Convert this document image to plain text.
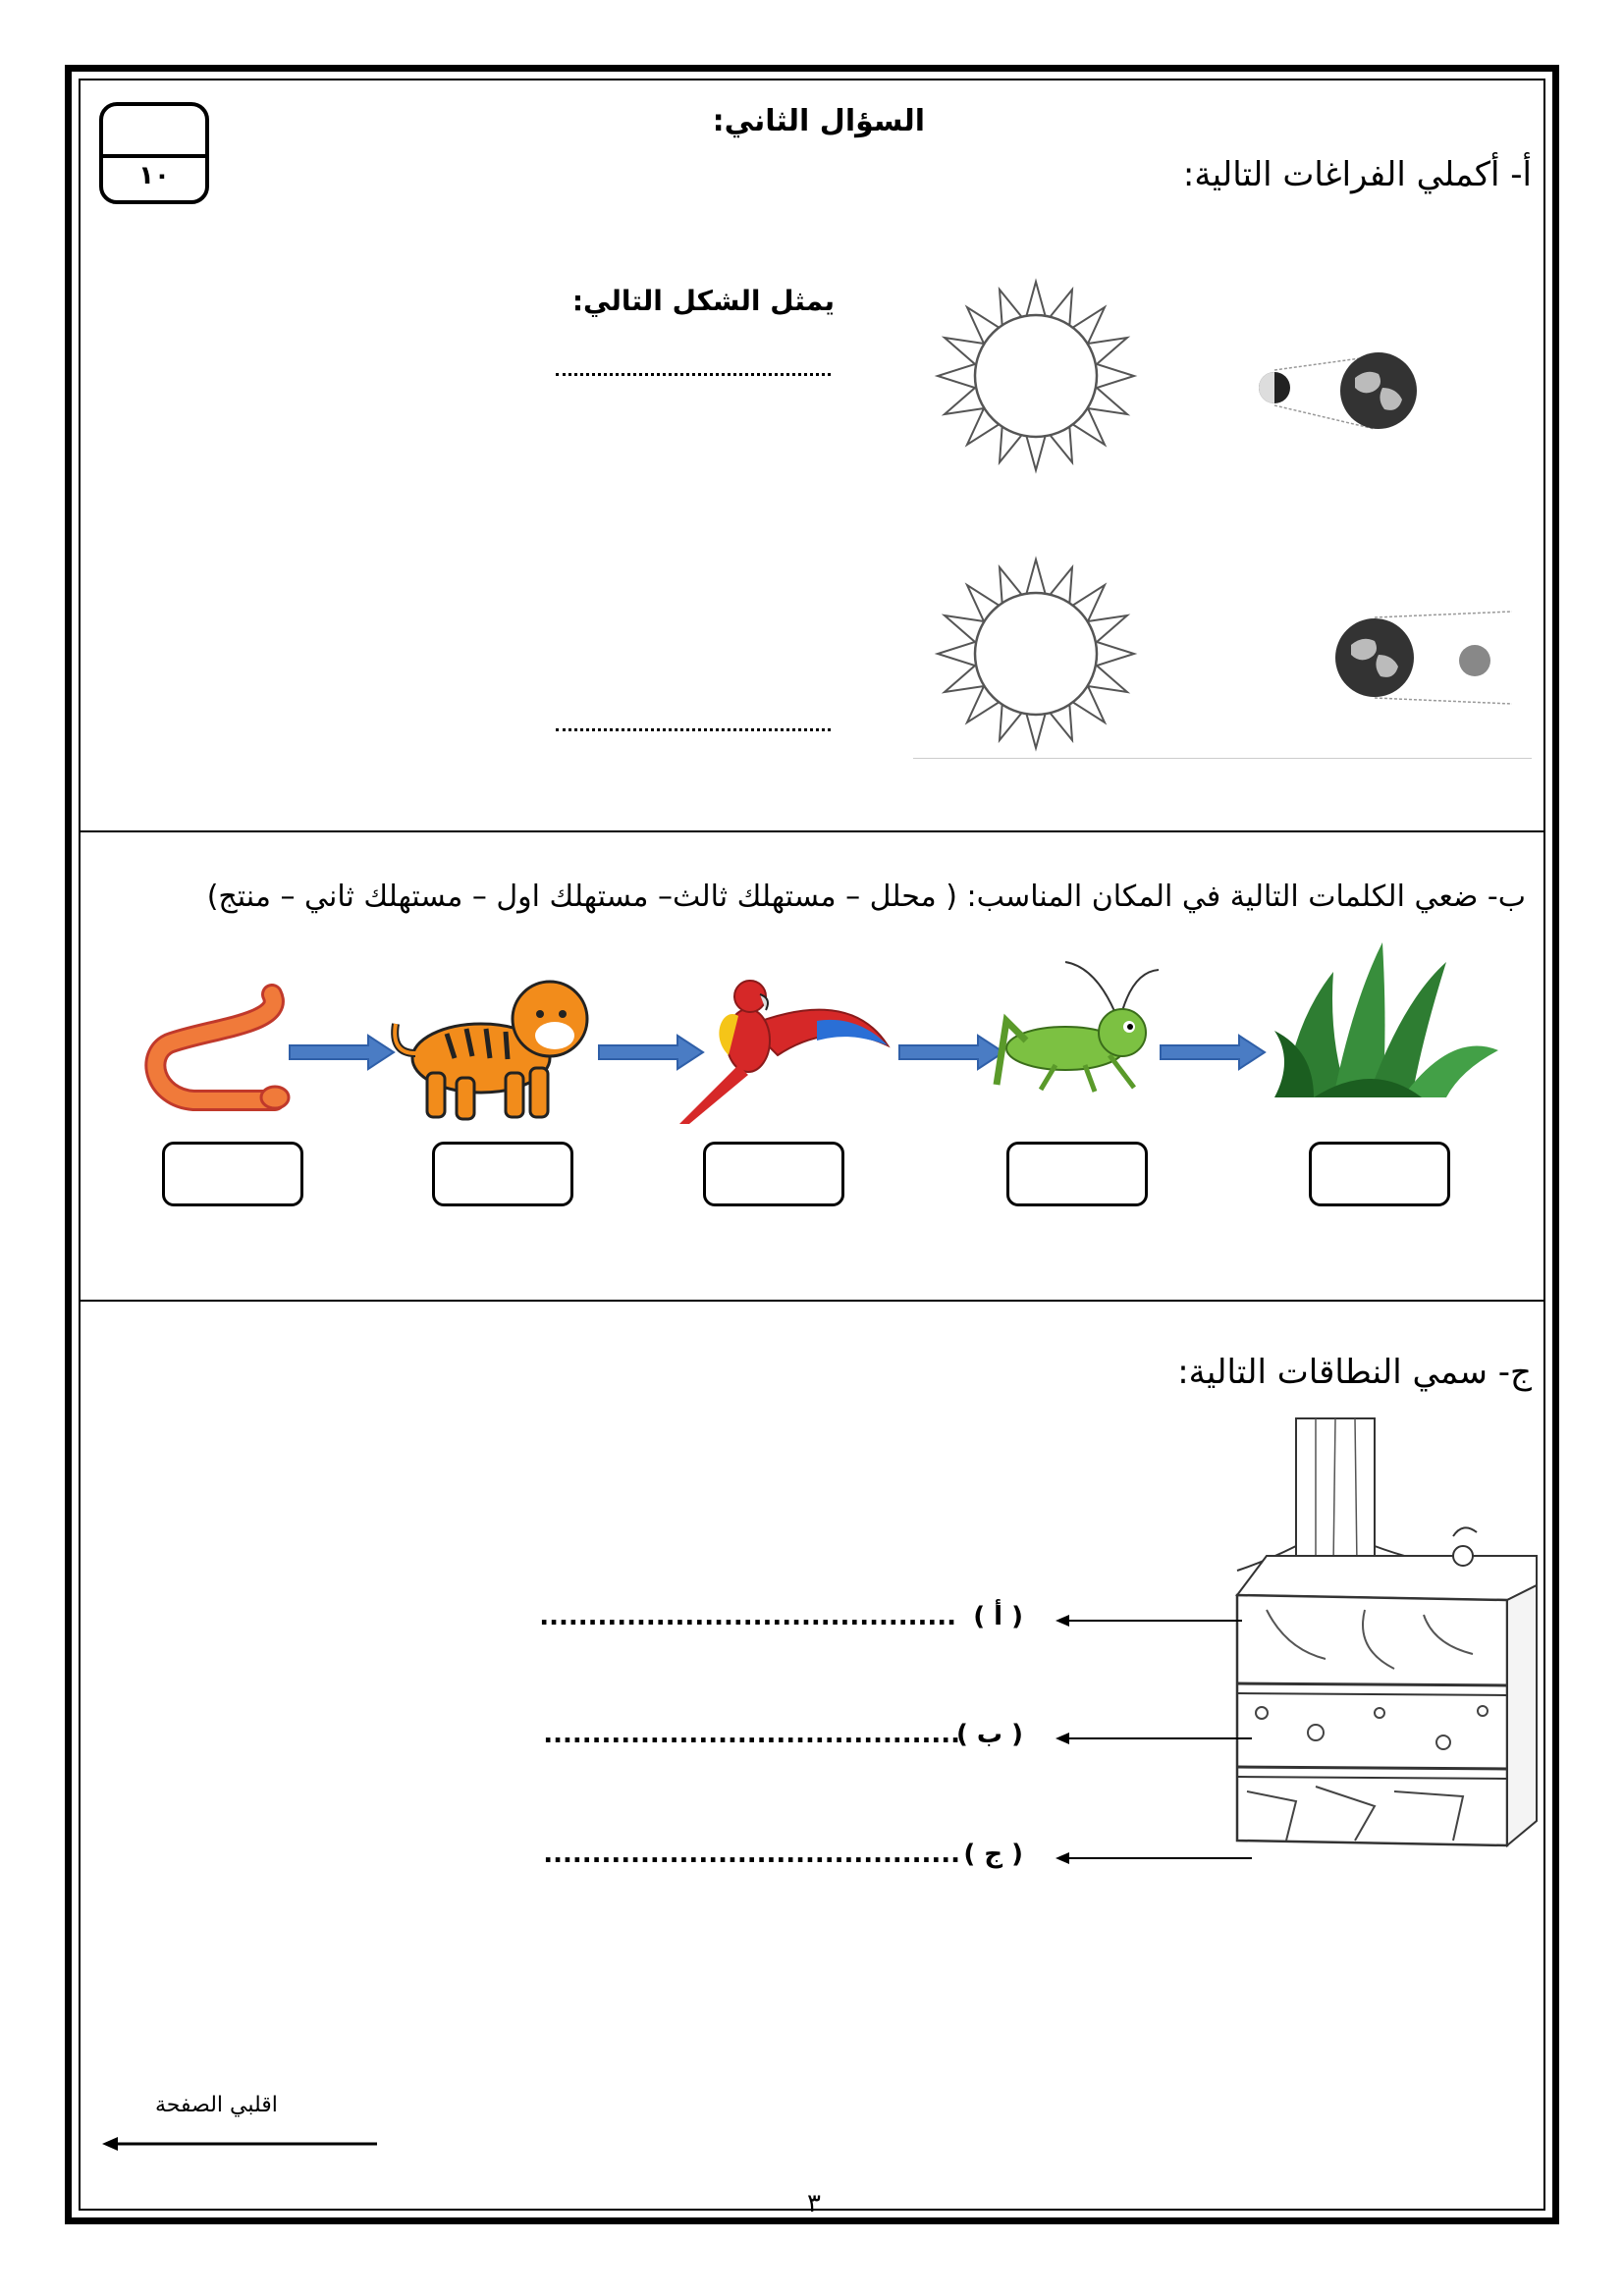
١٠
السؤال الثاني:
أ- أكملي الفراغات التالية:
يمثل الشكل التالي:
ب- ضعي الكلمات التالية في المكان المناسب: ( محلل – مستهلك ثالث– مستهلك اول – مستهلك ثاني – منتج)
ج- سمي النطاقات التالية:
( أ )
...........................................
( ب )
...........................................
( ج )
...........................................
اقلبي الصفحة
٣
